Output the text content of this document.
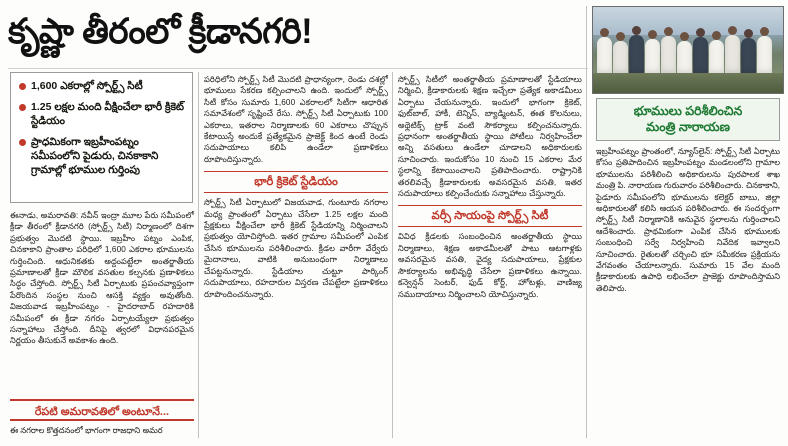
కృష్ణా తీరంలో క్రీడానగరి!
1,600 ఎకరాల్లో స్పోర్ట్స్ సిటీ
1.25 లక్షల మంది వీక్షించేలా భారీ క్రికెట్ స్టేడియం
ప్రాధమికంగా ఇబ్రహీంపట్నం సమీపంలోని పైడురు, చినకాకాని గ్రామాల్లో భూముల గుర్తింపు
ఈనాడు, అమరావతి: నవీన్ ఇంద్రా మూల పేరు సమీపంలో క్రీడా తీరంలో క్రీడానగరి (స్పోర్ట్స్ సిటీ) నిర్మాణంలో దిశగా ప్రభుత్వం మొదటి స్థాయి. ఇబ్రహీం పట్నం ఎంపిక, చినకాకాని ప్రాంతాల పరిధిలో 1,600 ఎకరాల భూములను గుర్తించింది. ఆధునికతకు అద్దంపట్టేలా అంతర్జాతీయ ప్రమాణాలతో క్రీడా మౌలిక వసతుల కల్పనకు ప్రణాళికలు సిద్ధం చేస్తోంది. స్పోర్ట్స్ సిటీ ఏర్పాటుకు ప్రపంచవ్యాప్తంగా పేరొందిన సంస్థల నుంచి ఆసక్తి వ్యక్తం అవుతోంది. విజయవాడ ఇబ్రహీంపట్నం - హైదరాబాద్ రహదారికి సమీపంలో ఈ క్రీడా నగరం ఏర్పాటయ్యేలా ప్రభుత్వం సన్నాహాలు చేస్తోంది. దీనిపై త్వరలో విధానపరమైన నిర్ణయం తీసుకునే అవకాశం ఉంది.
రేపటి అమరావతిలో అంటూనే...
ఈ నగరాల కొత్తదనంలో భాగంగా రాజధాని అమర
పరిధిలోని స్పోర్ట్స్ సిటీ మొదటి ప్రాధాన్యంగా, రెండు దశల్లో భూములు సేకరణ కల్పించాలని ఉంది. ఇందులో స్పోర్ట్స్ సిటీ కోసం సుమారు 1,600 ఎకరాలలో సిటీగా ఆధారిత సమావేశంలో సృష్టించే రేసు. స్పోర్ట్స్ సిటీ ఏర్పాటుకు 100 ఎకరాలు, ఇతరాల నిర్మాణాలకు 60 ఎకరాలు చొప్పున కేటాయిస్తే అందుకే ప్రత్యేకమైన ప్రాజెక్ట్ కింద ఉంటే రెండు సదుపాయాలు కలిపి ఉండేలా ప్రణాళికలు రూపొందిస్తున్నారు.
భారీ క్రికెట్ స్టేడియం
స్పోర్ట్స్ సిటీ ఏర్పాటులో విజయవాడ, గుంటూరు నగరాల మధ్య ప్రాంతంలో ఏర్పాటు చేసేలా 1.25 లక్షల మంది ప్రేక్షకులు వీక్షించేలా భారీ క్రికెట్ స్టేడియాన్ని నిర్మించాలని ప్రభుత్వం యోచిస్తోంది. ఇతర గ్రామాల సమీపంలో ఎంపిక చేసిన భూములను పరిశీలించారు. క్రీడల వారీగా వేర్వేరు మైదానాలు, వాటికి అనుబంధంగా నిర్మాణాలు చేపట్టనున్నారు. స్టేడియాల చుట్టూ పార్కింగ్ సదుపాయాలు, రహదారుల విస్తరణ చేపట్టేలా ప్రణాళికలు రూపొందించనున్నారు.
స్పోర్ట్స్ సిటీలో అంతర్జాతీయ ప్రమాణాలతో స్టేడియాలు నిర్మించి, క్రీడాకారులకు శిక్షణ ఇచ్చేలా ప్రత్యేక అకాడమీలు ఏర్పాటు చేయనున్నారు. ఇందులో భాగంగా క్రికెట్, ఫుట్‌బాల్, హాకీ, టెన్నిస్, బ్యాడ్మింటన్, ఈత కొలనులు, అథ్లెటిక్స్ ట్రాక్ వంటి సౌకర్యాలు కల్పించనున్నారు. ప్రధానంగా అంతర్జాతీయ స్థాయి పోటీలు నిర్వహించేలా అన్ని వసతులు ఉండేలా చూడాలని అధికారులకు సూచించారు. ఇందుకోసం 10 నుంచి 15 ఎకరాల మేర స్థలాన్ని కేటాయించాలని ప్రతిపాదించారు. రాష్ట్రానికి తరలివచ్చే క్రీడాకారులకు అవసరమైన వసతి, ఇతర సదుపాయాలు కల్పించేందుకు సన్నాహాలు చేస్తున్నారు.
వర్సీ సాయంపై స్పోర్ట్స్ సిటీ
వివిధ క్రీడలకు సంబంధించిన అంతర్జాతీయ స్థాయి నిర్మాణాలు, శిక్షణ అకాడమీలతో పాటు ఆటగాళ్లకు అవసరమైన వసతి, వైద్య సదుపాయాలు, ప్రేక్షకుల సౌకర్యాలను అభివృద్ధి చేసేలా ప్రణాళికలు ఉన్నాయి. కన్వెన్షన్ సెంటర్, ఫుడ్ కోర్ట్, హోటళ్లు, వాణిజ్య సముదాయాలు నిర్మించాలని యోచిస్తున్నారు.
భూములు పరిశీలించిన
మంత్రి నారాయణ
ఇబ్రహీంపట్నం ప్రాంతంలో, న్యూస్‌లైన్: స్పోర్ట్స్ సిటీ ఏర్పాటు కోసం ప్రతిపాదించిన ఇబ్రహీంపట్నం మండలంలోని గ్రామాల భూములను పరిశీలించి అధికారులను పురపాలక శాఖ మంత్రి పి. నారాయణ గురువారం పరిశీలించారు. చినకాకాని, పైడూరు సమీపంలోని భూములను కలెక్టర్ బాబు, జిల్లా అధికారులతో కలిసి ఆయన పరిశీలించారు. ఈ సందర్భంగా స్పోర్ట్స్ సిటీ నిర్మాణానికి అనువైన స్థలాలను గుర్తించాలని ఆదేశించారు. ప్రాథమికంగా ఎంపిక చేసిన భూములకు సంబంధించి సర్వే నిర్వహించి నివేదిక ఇవ్వాలని సూచించారు. రైతులతో చర్చించి భూ సమీకరణ ప్రక్రియను వేగవంతం చేయాలన్నారు. సుమారు 15 వేల మంది క్రీడాకారులకు ఉపాధి లభించేలా ప్రాజెక్టు రూపొందిస్తామని తెలిపారు.
